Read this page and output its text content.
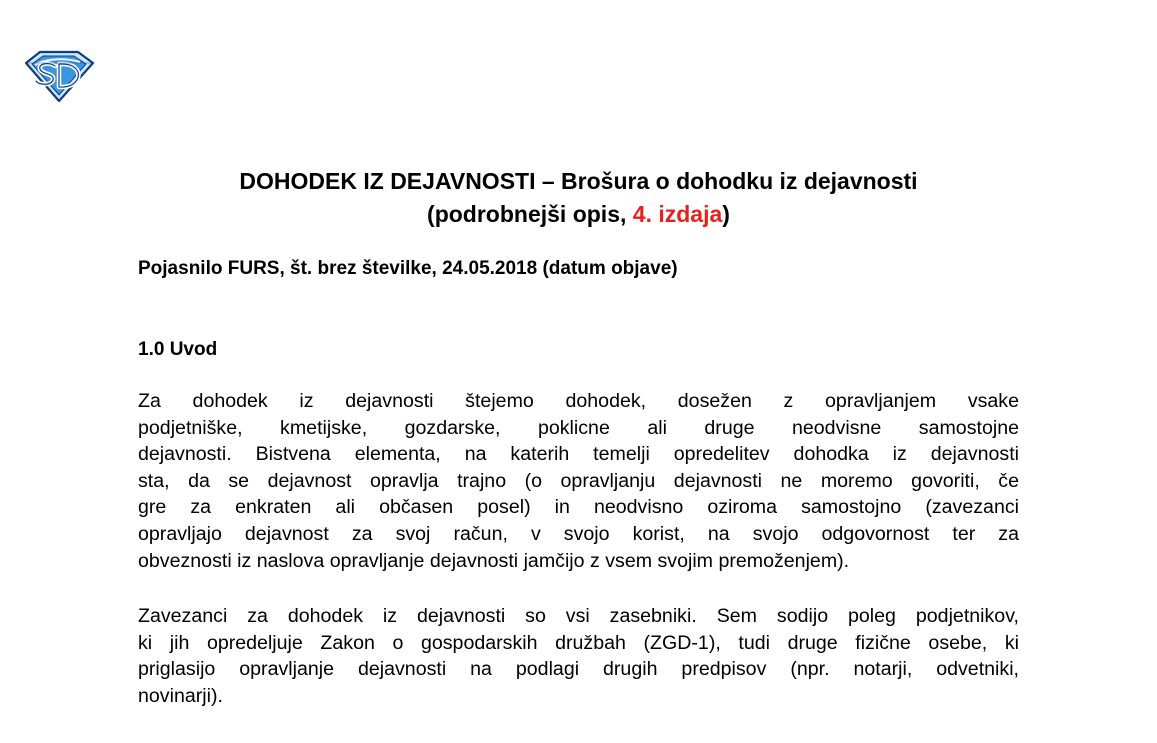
DOHODEK IZ DEJAVNOSTI – Brošura o dohodku iz dejavnosti
(podrobnejši opis, 4. izdaja)
Pojasnilo FURS, št. brez številke, 24.05.2018 (datum objave)
1.0 Uvod
Za dohodek iz dejavnosti štejemo dohodek, dosežen z opravljanjem vsake
podjetniške, kmetijske, gozdarske, poklicne ali druge neodvisne samostojne
dejavnosti. Bistvena elementa, na katerih temelji opredelitev dohodka iz dejavnosti
sta, da se dejavnost opravlja trajno (o opravljanju dejavnosti ne moremo govoriti, če
gre za enkraten ali občasen posel) in neodvisno oziroma samostojno (zavezanci
opravljajo dejavnost za svoj račun, v svojo korist, na svojo odgovornost ter za
obveznosti iz naslova opravljanje dejavnosti jamčijo z vsem svojim premoženjem).
Zavezanci za dohodek iz dejavnosti so vsi zasebniki. Sem sodijo poleg podjetnikov,
ki jih opredeljuje Zakon o gospodarskih družbah (ZGD-1), tudi druge fizične osebe, ki
priglasijo opravljanje dejavnosti na podlagi drugih predpisov (npr. notarji, odvetniki,
novinarji).
